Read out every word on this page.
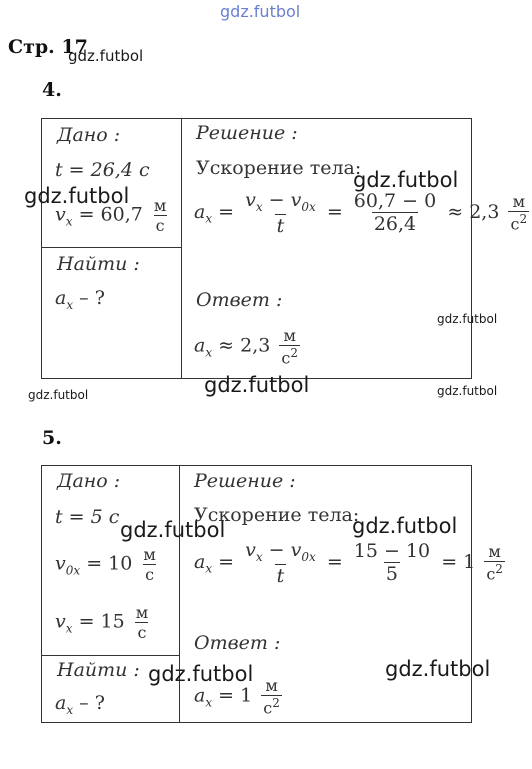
gdz.futbol
Стр. 17
gdz.futbol
4.
Дано :
t = 26,4 с
$v_x = 60,7 \frac{м}{с}$
Найти :
$a_x$ – ?
Решение :
Ускорение тела:
$a_x = \frac{v_x - v_{0x}}{t} = \frac{60,7 - 0}{26,4} \approx 2,3 \frac{м}{с^2}$
Ответ :
$a_x \approx 2,3 \frac{м}{с^2}$
gdz.futbol
gdz.futbol
gdz.futbol
gdz.futbol
gdz.futbol	gdz.futbol
5.
Дано :
t = 5 с
$v_{0x} = 10 \frac{м}{с}$
$v_x = 15 \frac{м}{с}$
Найти :
$a_x$ – ?
Решение :
Ускорение тела:
$a_x = \frac{v_x - v_{0x}}{t} = \frac{15 - 10}{5} = 1 \frac{м}{с^2}$
Ответ :
$a_x = 1 \frac{м}{с^2}$
gdz.futbol	gdz.futbol
gdz.futbol	gdz.futbol
